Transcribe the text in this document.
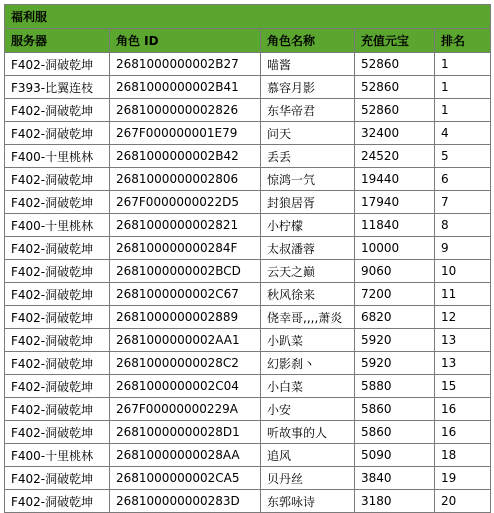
福利服				
服务器	角色 ID	角色名称	充值元宝	排名
F402-洞破乾坤	2681000000002B27	喵酱	52860	1
F393-比翼连枝	2681000000002B41	慕容月影	52860	1
F402-洞破乾坤	2681000000002826	东华帝君	52860	1
F402-洞破乾坤	267F000000001E79	问天	32400	4
F400-十里桃林	2681000000002B42	丢丢	24520	5
F402-洞破乾坤	2681000000002806	惊鸿一氕	19440	6
F402-洞破乾坤	267F0000000022D5	封狼居胥	17940	7
F400-十里桃林	2681000000002821	小柠檬	11840	8
F402-洞破乾坤	268100000000284F	太叔潘蓉	10000	9
F402-洞破乾坤	2681000000002BCD	云天之巅	9060	10
F402-洞破乾坤	2681000000002C67	秋风徐来	7200	11
F402-洞破乾坤	2681000000002889	侥幸哥,,,,萧炎	6820	12
F402-洞破乾坤	2681000000002AA1	小趴菜	5920	13
F402-洞破乾坤	26810000000028C2	幻影刹丶	5920	13
F402-洞破乾坤	2681000000002C04	小白菜	5880	15
F402-洞破乾坤	267F00000000229A	小安	5860	16
F402-洞破乾坤	26810000000028D1	听故事的人	5860	16
F400-十里桃林	26810000000028AA	追风	5090	18
F402-洞破乾坤	2681000000002CA5	贝丹丝	3840	19
F402-洞破乾坤	268100000000283D	东郭咏诗	3180	20
